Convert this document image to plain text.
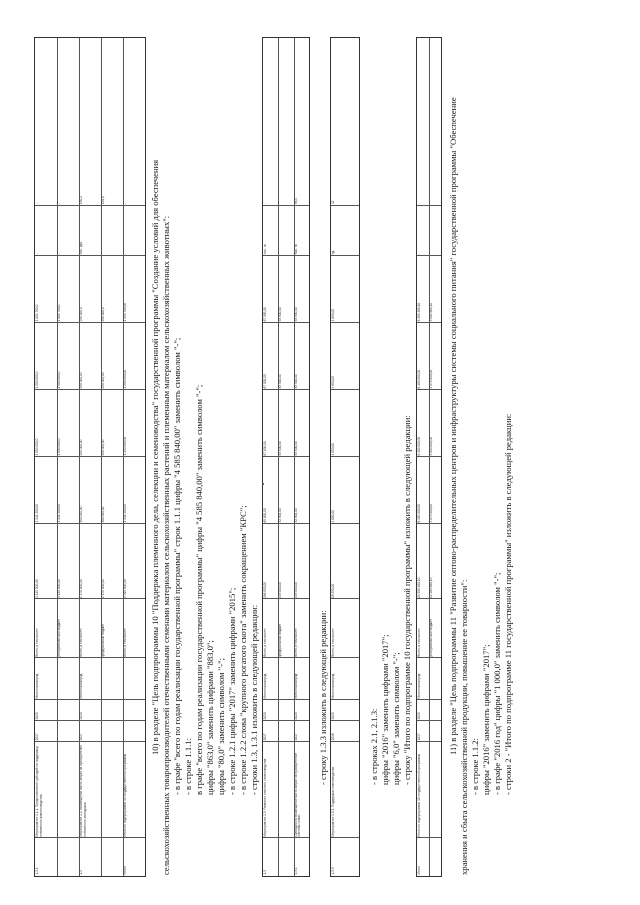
1.1.1
Мероприятие 1.1.1. Предоставление субсидий на поддержку племенного животноводства
2017
2020
Минсельхозпрод
Всего, в том числе:
4 145 900,00
1 141 200,00
1 000 000,0
1 000 000,0
1 004 700,0
-
-
республиканский бюджет
4 145 900,00
1 141 200,00
1 000 000,0
1 000 000,0
1 004 700,0
-
-
1.2
Мероприятие 1.2. Возмещение части затрат на приобретение племенного молодняка
2017
2020
Минсельхозпрод
Всего, в том числе:
1 170 000,00
300 000,00
290 000,00
290 000,00
290 000,0
тыс. руб.
150,0
федеральный бюджет
1 170 000,00
300 000,00
290 000,00
290 000,00
290 000,0
154,0
Итого
Итого по подпрограмме 10 государственной программы
Всего, в том числе:
5 315 900,00
1 441 200,00
1 290 000,00
1 290 000,00
1 294 700,00
-
-	10) в разделе "Цель подпрограммы 10 "Поддержка племенного дела, селекции и семеноводства" государственной программы "Создание условий для обеспечения сельскохозяйственных товаропроизводителей отечественными семенами материалом сельскохозяйственных растений и племенным материалом сельскохозяйственных животных": - в графе "всего по годам реализации государственной программы" строк 1.1.1 цифры "4 585 840,00" заменить символом "-"; - в строке 1.1.1: в графе "всего по годам реализации государственной программы" цифры "4 585 840,00" заменить символом "-"; цифры "863,0" заменить цифрами "883,0"; цифры "80,0" заменить символом "-"; - в строке 1.2.1 цифры "2017" заменить цифрами "2015"; - в строке 1.2.2 слова "крупного рогатого скота" заменить сокращением "КРС"; - строки 1.3, 1.3.1 изложить в следующей редакции:
1.3
Мероприятие 1.3. Развитие элитного семеноводства
2017
2020
Минсельхозпрод
Всего, в том числе:
266 050,00
65 000,00
67 000,00
67 000,00
67 050,00
тыс. га
-
федеральный бюджет
133 000,00
32 500,00
33 500,00
33 500,00
33 500,00
1.3.1
Субсидия на возмещение части затрат на приобретение элитных семян
2017
2020
Минсельхозпрод
Всего, в том числе:
133 050,00
32 500,00
33 500,00
33 500,00
33 550,00
тыс. га
96,0
- строку 1.3.3 изложить в следующей редакции:
1.3.3
Мероприятие 1.3.3. Поддержка семеноводства
2016
2020
Минсельхозпрод
Всего, в том числе:
18 550,00
4 600,00
4 650,00
4 650,00
4 650,00
ед.
42
- в строках 2.1, 2.1.3: цифры "2016" заменить цифрами "2017"; цифры "6,0" заменить символом "-"; - строку "Итого по подпрограмме 10 государственной программы" изложить в следующей редакции:
Итого
Итого по подпрограмме 10 государственной программы
2017
2020
Минсельхозпрод
Всего, в том числе:
24 550 460,10
6 150 000,00
6 100 000,00
6 150 000,00
6 150 460,10
-
-
республиканский бюджет
12 284 860,10
3 075 000,00
3 050 000,00
3 075 000,00
3 084 860,10 11) в разделе "Цель подпрограммы 11 "Развитие оптово-распределительных центров и инфраструктуры системы социального питания" государственной программы "Обеспечение хранения и сбыта сельскохозяйственной продукции, повышение ее товарности": - в строке 1.1.2: цифры "2016" заменить цифрами "2017"; - в графе "2016 год" цифры "1 000,0" заменить символом "-"; - строки 2 - "Итого по подпрограмме 11 государственной программы" изложить в следующей редакции:
